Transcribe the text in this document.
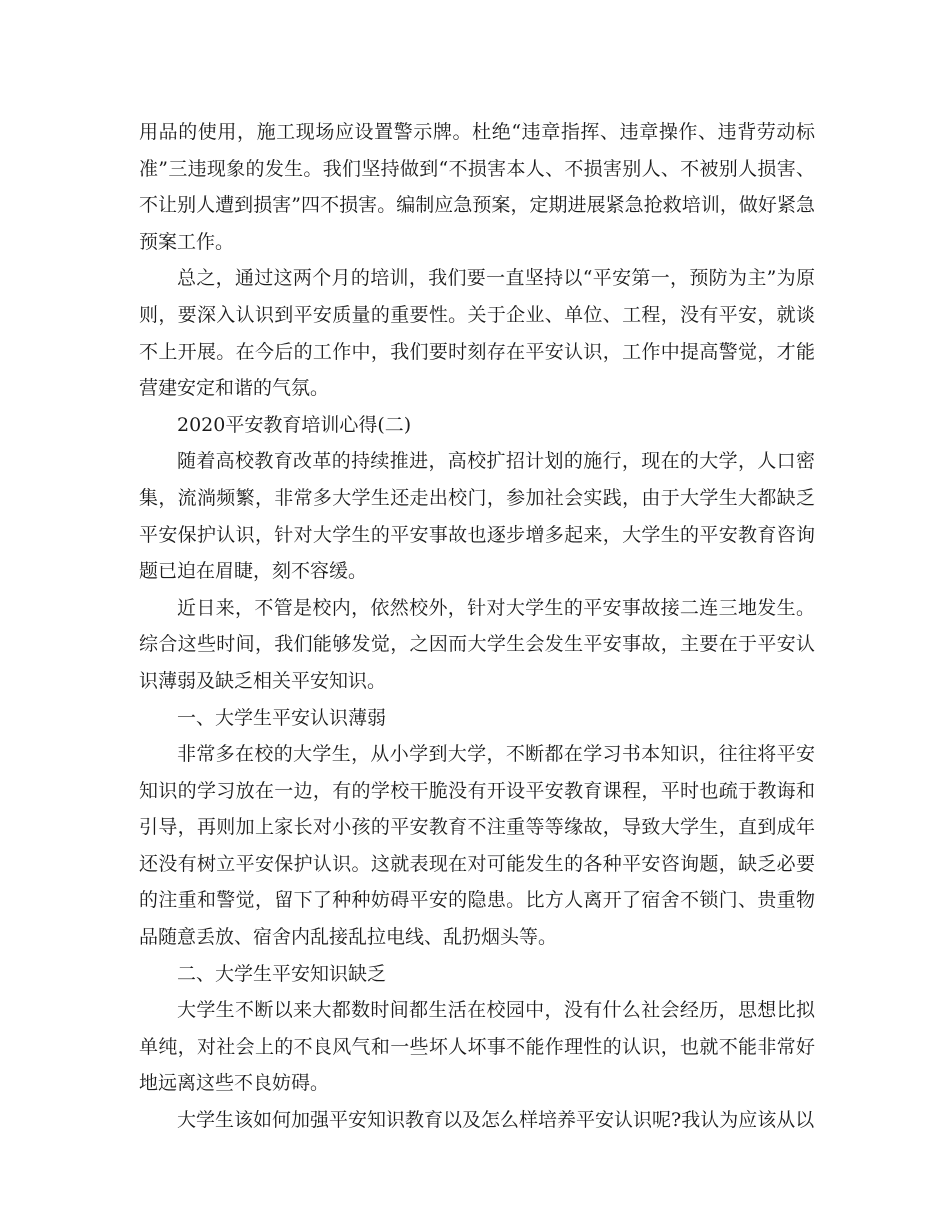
用品的使用，施工现场应设置警示牌。杜绝“违章指挥、违章操作、违背劳动标准”三违现象的发生。我们坚持做到“不损害本人、不损害别人、不被别人损害、不让别人遭到损害”四不损害。编制应急预案，定期进展紧急抢救培训，做好紧急预案工作。

总之，通过这两个月的培训，我们要一直坚持以“平安第一，预防为主”为原则，要深入认识到平安质量的重要性。关于企业、单位、工程，没有平安，就谈不上开展。在今后的工作中，我们要时刻存在平安认识，工作中提高警觉，才能营建安定和谐的气氛。

2020平安教育培训心得(二)

随着高校教育改革的持续推进，高校扩招计划的施行，现在的大学，人口密集，流淌频繁，非常多大学生还走出校门，参加社会实践，由于大学生大都缺乏平安保护认识，针对大学生的平安事故也逐步增多起来，大学生的平安教育咨询题已迫在眉睫，刻不容缓。

近日来，不管是校内，依然校外，针对大学生的平安事故接二连三地发生。综合这些时间，我们能够发觉，之因而大学生会发生平安事故，主要在于平安认识薄弱及缺乏相关平安知识。

一、大学生平安认识薄弱

非常多在校的大学生，从小学到大学，不断都在学习书本知识，往往将平安知识的学习放在一边，有的学校干脆没有开设平安教育课程，平时也疏于教诲和引导，再则加上家长对小孩的平安教育不注重等等缘故，导致大学生，直到成年还没有树立平安保护认识。这就表现在对可能发生的各种平安咨询题，缺乏必要的注重和警觉，留下了种种妨碍平安的隐患。比方人离开了宿舍不锁门、贵重物品随意丢放、宿舍内乱接乱拉电线、乱扔烟头等。

二、大学生平安知识缺乏

大学生不断以来大都数时间都生活在校园中，没有什么社会经历，思想比拟单纯，对社会上的不良风气和一些坏人坏事不能作理性的认识，也就不能非常好地远离这些不良妨碍。

大学生该如何加强平安知识教育以及怎么样培养平安认识呢?我认为应该从以
